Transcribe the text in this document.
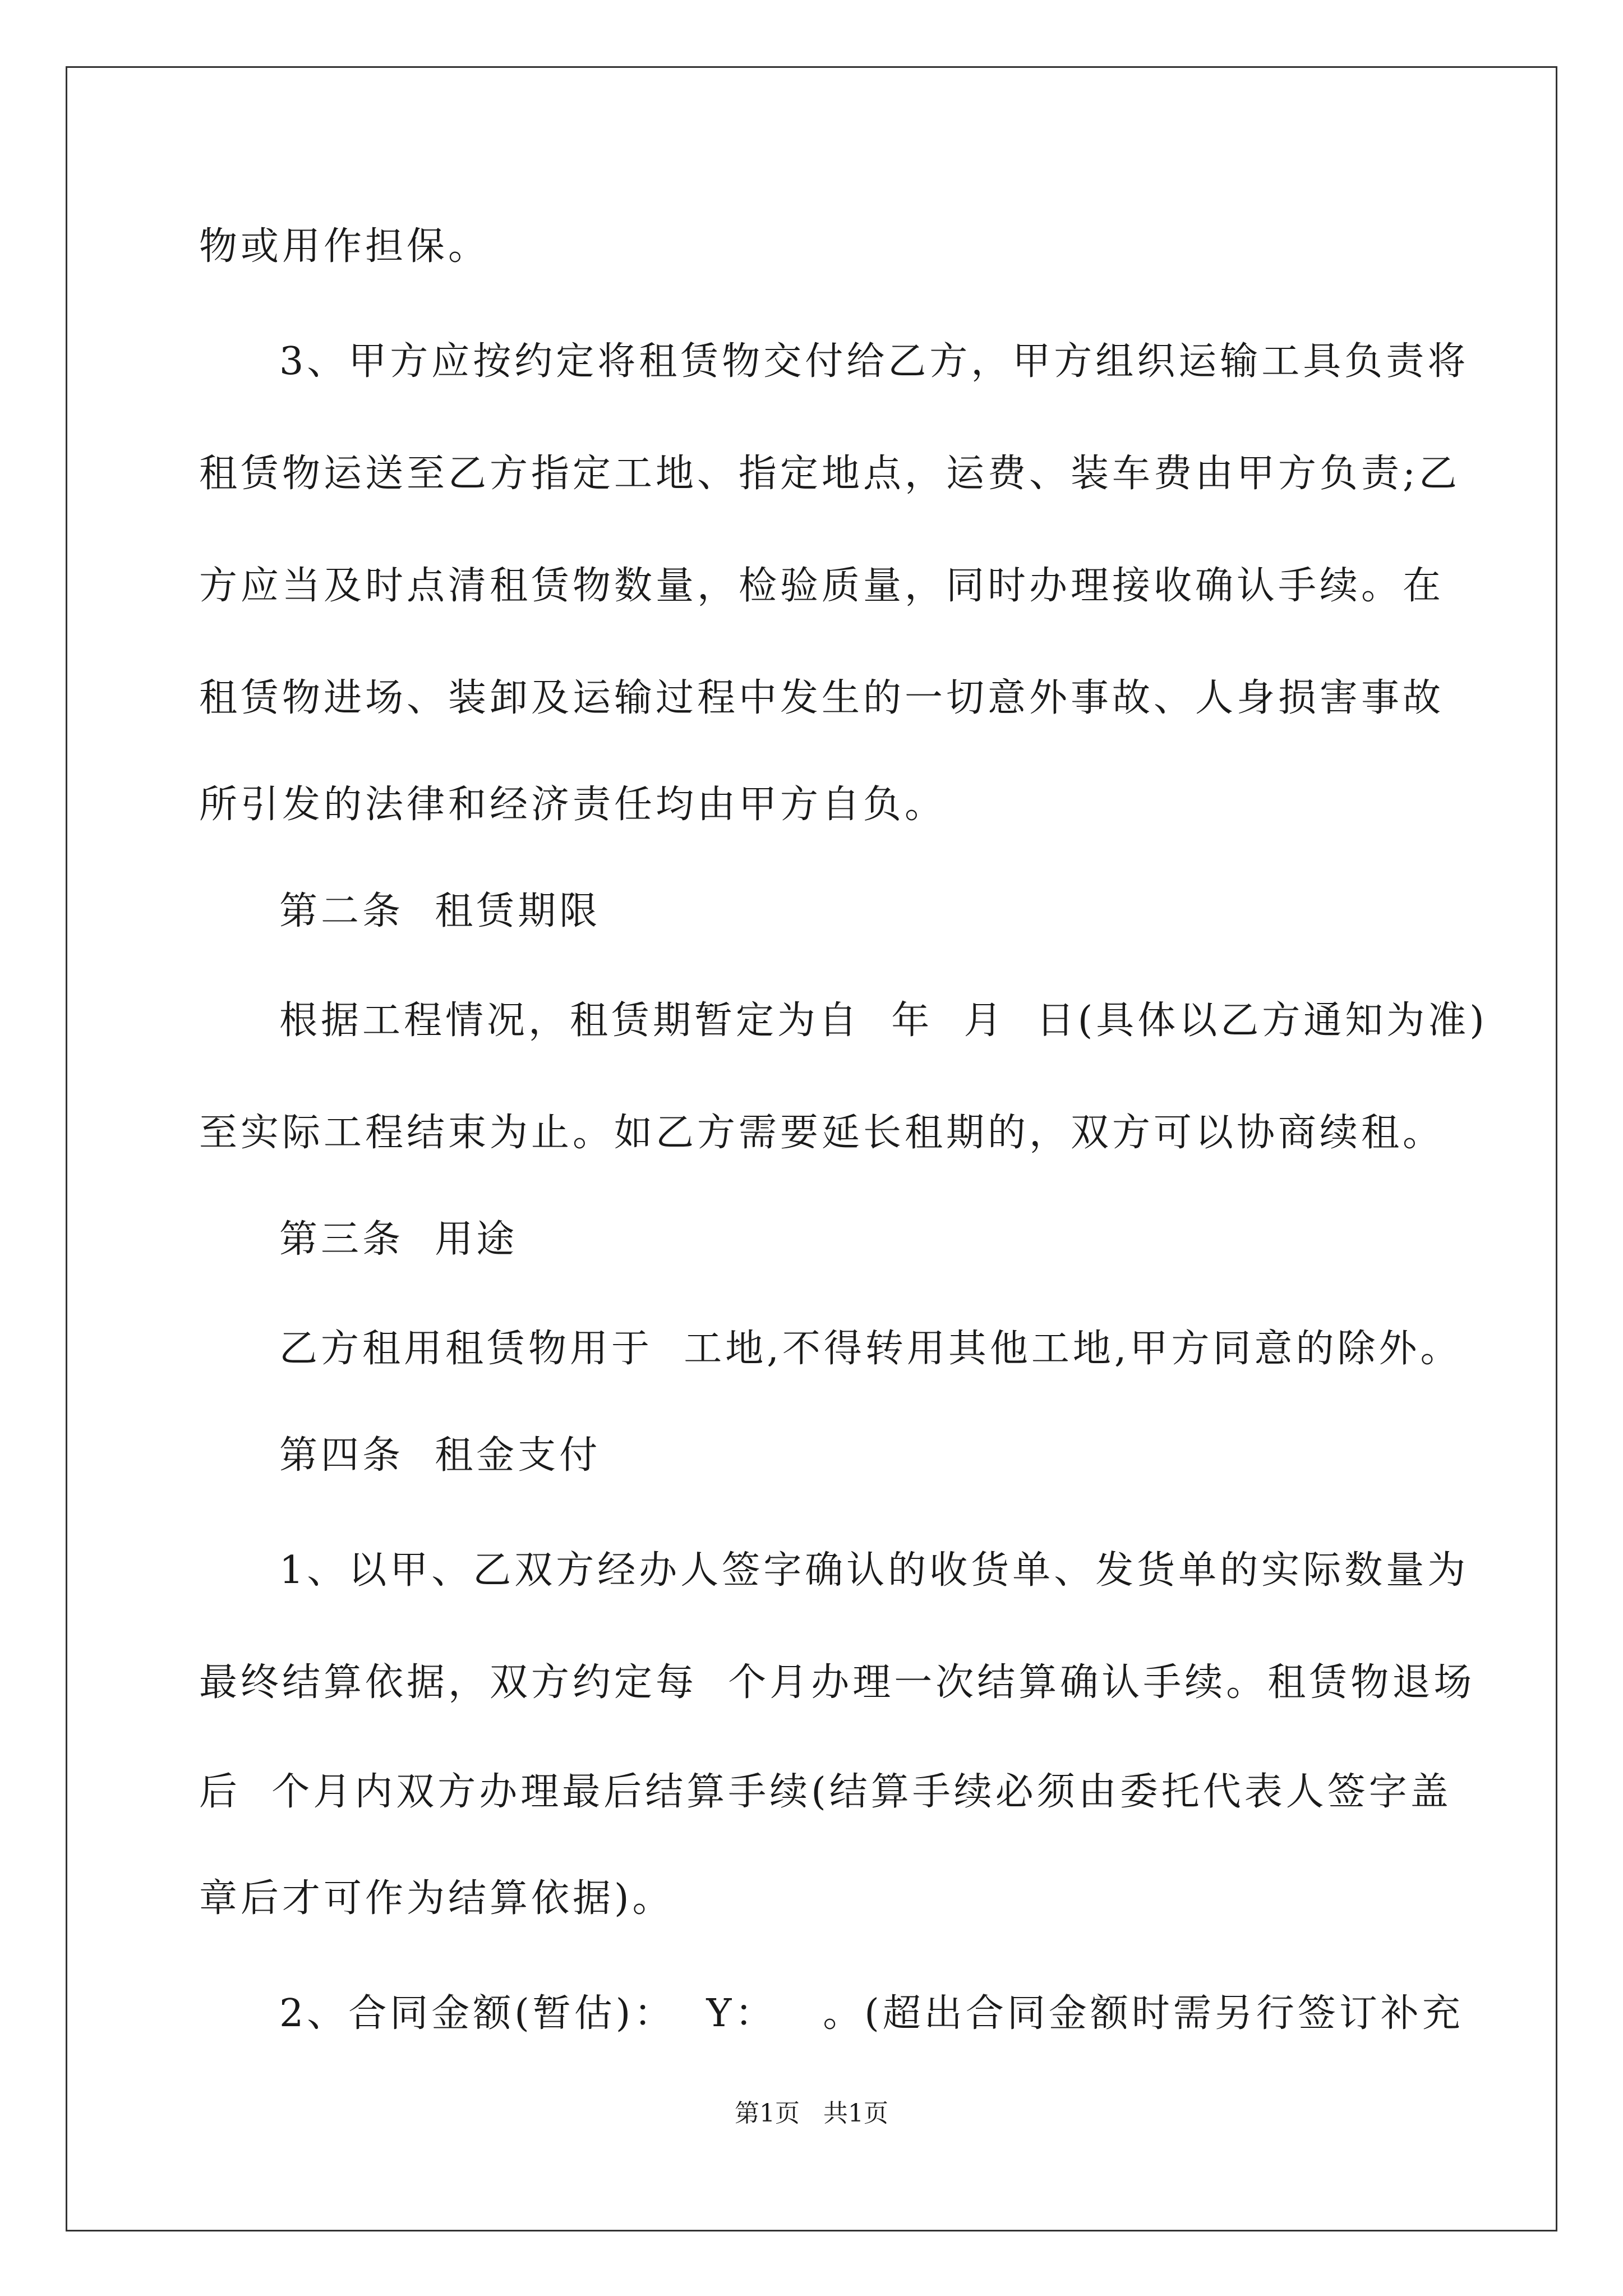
物或用作担保。

3、甲方应按约定将租赁物交付给乙方，甲方组织运输工具负责将

租赁物运送至乙方指定工地、指定地点，运费、装车费由甲方负责;乙

方应当及时点清租赁物数量，检验质量，同时办理接收确认手续。在

租赁物进场、装卸及运输过程中发生的一切意外事故、人身损害事故

所引发的法律和经济责任均由甲方自负。

第二条  租赁期限

根据工程情况，租赁期暂定为自  年  月  日(具体以乙方通知为准)

至实际工程结束为止。如乙方需要延长租期的，双方可以协商续租。

第三条  用途

乙方租用租赁物用于  工地,不得转用其他工地,甲方同意的除外。

第四条  租金支付

1、以甲、乙双方经办人签字确认的收货单、发货单的实际数量为

最终结算依据，双方约定每  个月办理一次结算确认手续。租赁物退场

后  个月内双方办理最后结算手续(结算手续必须由委托代表人签字盖

章后才可作为结算依据)。

2、合同金额(暂估)：  Y：   。(超出合同金额时需另行签订补充

第1页   共1页
